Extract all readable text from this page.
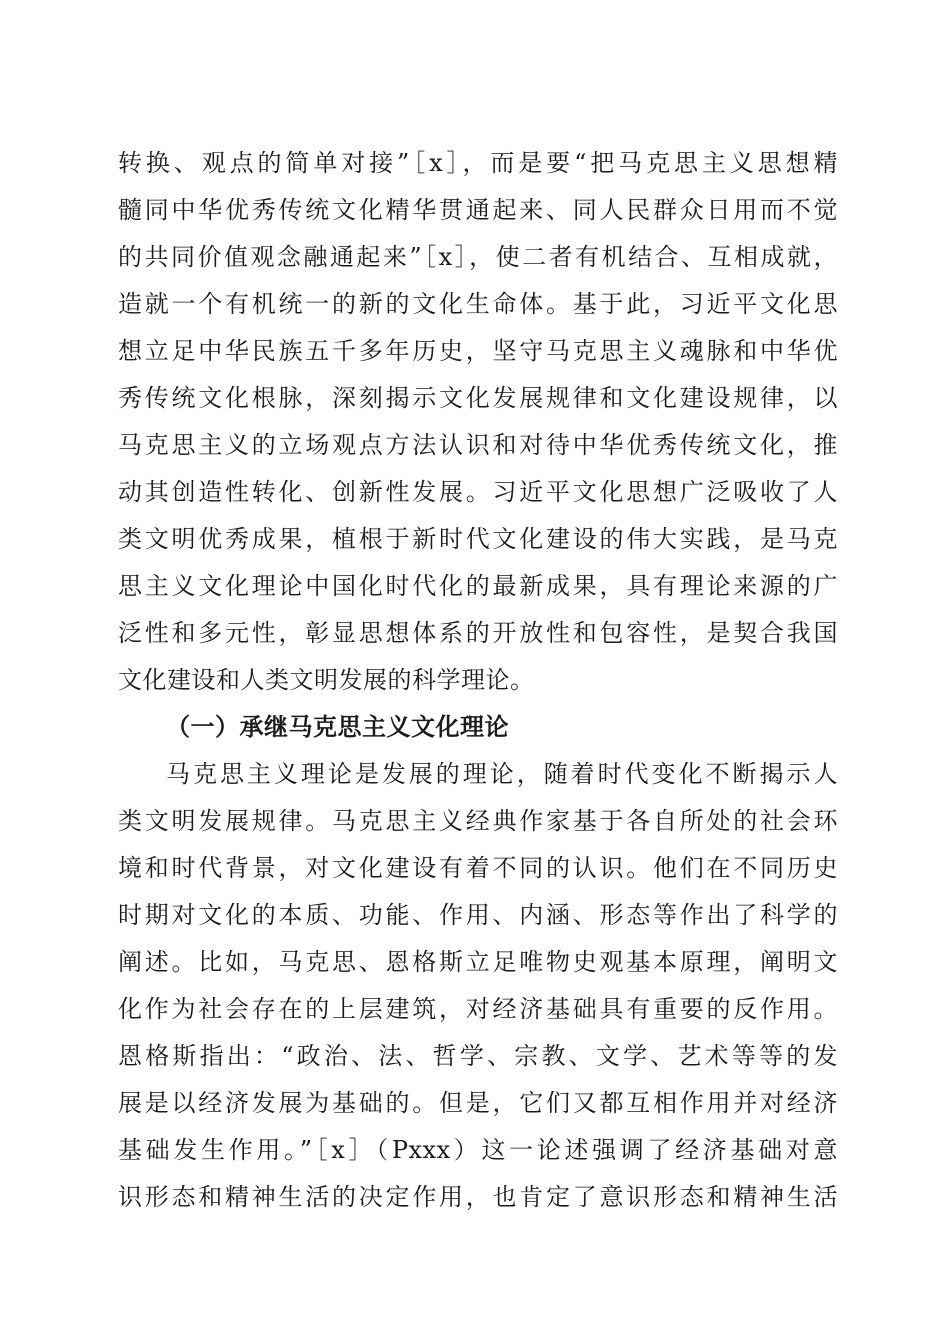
转换、观点的简单对接”［x］，而是要“把马克思主义思想精
髓同中华优秀传统文化精华贯通起来、同人民群众日用而不觉
的共同价值观念融通起来”［x］，使二者有机结合、互相成就，
造就一个有机统一的新的文化生命体。基于此，习近平文化思
想立足中华民族五千多年历史，坚守马克思主义魂脉和中华优
秀传统文化根脉，深刻揭示文化发展规律和文化建设规律，以
马克思主义的立场观点方法认识和对待中华优秀传统文化，推
动其创造性转化、创新性发展。习近平文化思想广泛吸收了人
类文明优秀成果，植根于新时代文化建设的伟大实践，是马克
思主义文化理论中国化时代化的最新成果，具有理论来源的广
泛性和多元性，彰显思想体系的开放性和包容性，是契合我国
文化建设和人类文明发展的科学理论。
（一）承继马克思主义文化理论
马克思主义理论是发展的理论，随着时代变化不断揭示人
类文明发展规律。马克思主义经典作家基于各自所处的社会环
境和时代背景，对文化建设有着不同的认识。他们在不同历史
时期对文化的本质、功能、作用、内涵、形态等作出了科学的
阐述。比如，马克思、恩格斯立足唯物史观基本原理，阐明文
化作为社会存在的上层建筑，对经济基础具有重要的反作用。
恩格斯指出：“政治、法、哲学、宗教、文学、艺术等等的发
展是以经济发展为基础的。但是，它们又都互相作用并对经济
基础发生作用。”［x］（Pxxx）这一论述强调了经济基础对意
识形态和精神生活的决定作用，也肯定了意识形态和精神生活
